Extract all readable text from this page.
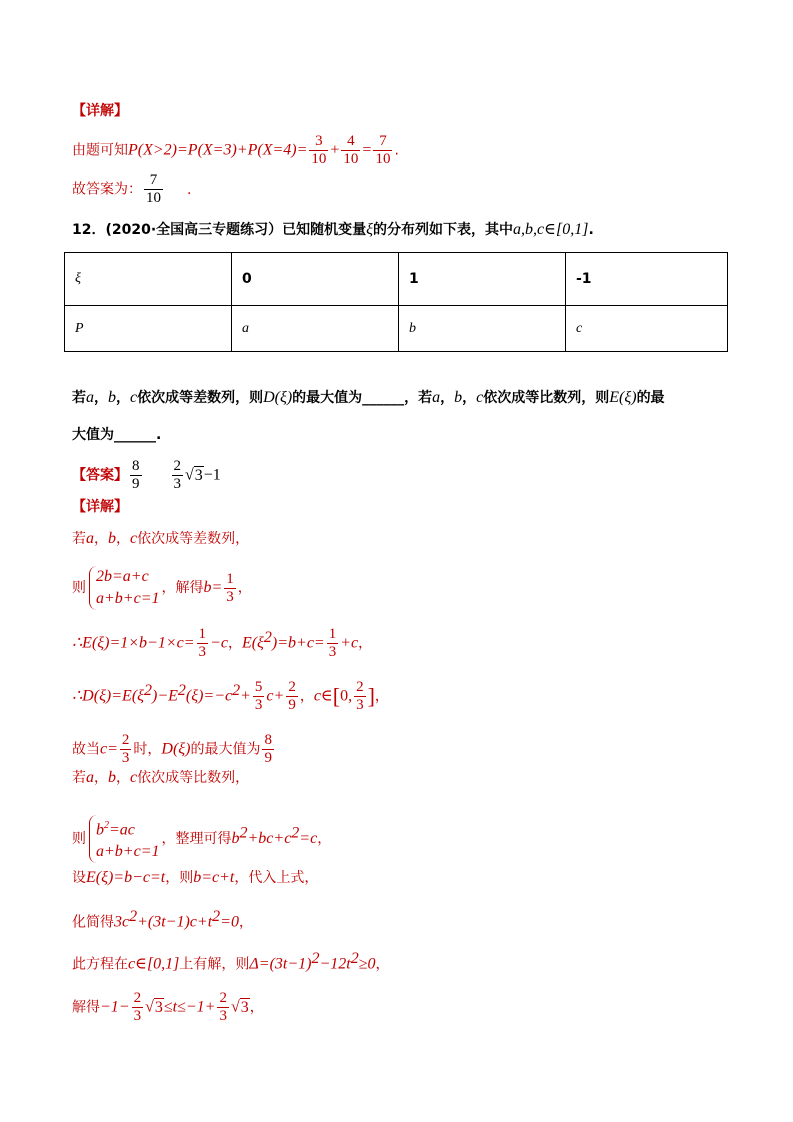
【详解】
由题可知$P(X>2)=P(X=3)+P(X=4)= \frac{3}{10} + \frac{4}{10} = \frac{7}{10}$ .
故答案为： $\frac{7}{10}$ .
12．(2020·全国高三专题练习）已知随机变量ξ的分布列如下表，其中a,b,c∈[0,1].
ξ	0	1	-1
P	a	b	c
若a，b，c依次成等差数列，则D(ξ)的最大值为______，若a，b，c依次成等比数列，则E(ξ)的最
大值为______.
【答案】 $\frac{8}{9} \frac{2}{3} √3-1$
【详解】
若a，b，c依次成等差数列，
则
2b=a+c
a+b+c=1
，解得$b= \frac{1}{3}$ ，
∴E(ξ)=1×b−1×c= $\frac{1}{3} -c$，$E(\xi^2)=b+c= \frac{1}{3} +c$，
$\therefore D(\xi)=E(\xi^2)-E^2(\xi)=-c^2+ \frac{5}{3} c+ \frac{2}{9}$ ，c∈[0, $\frac{2}{3}$ ]，
故当$c= \frac{2}{3}$ 时，D(ξ)的最大值为 $\frac{8}{9}$
若a，b，c依次成等比数列，
则
$b^2=ac$
a+b+c=1
，整理可得$b^2+bc+c^2=c$，
设E(ξ)=b−c=t，则b=c+t，代入上式，
化简得$3c^2+(3t-1)c+t^2=0$，
此方程在c∈[0,1]上有解，则$\Delta=(3t-1)^2-12t^2\ge 0$，
解得$-1- \frac{2}{3} √3\le t\le-1+ \frac{2}{3} √3$，
